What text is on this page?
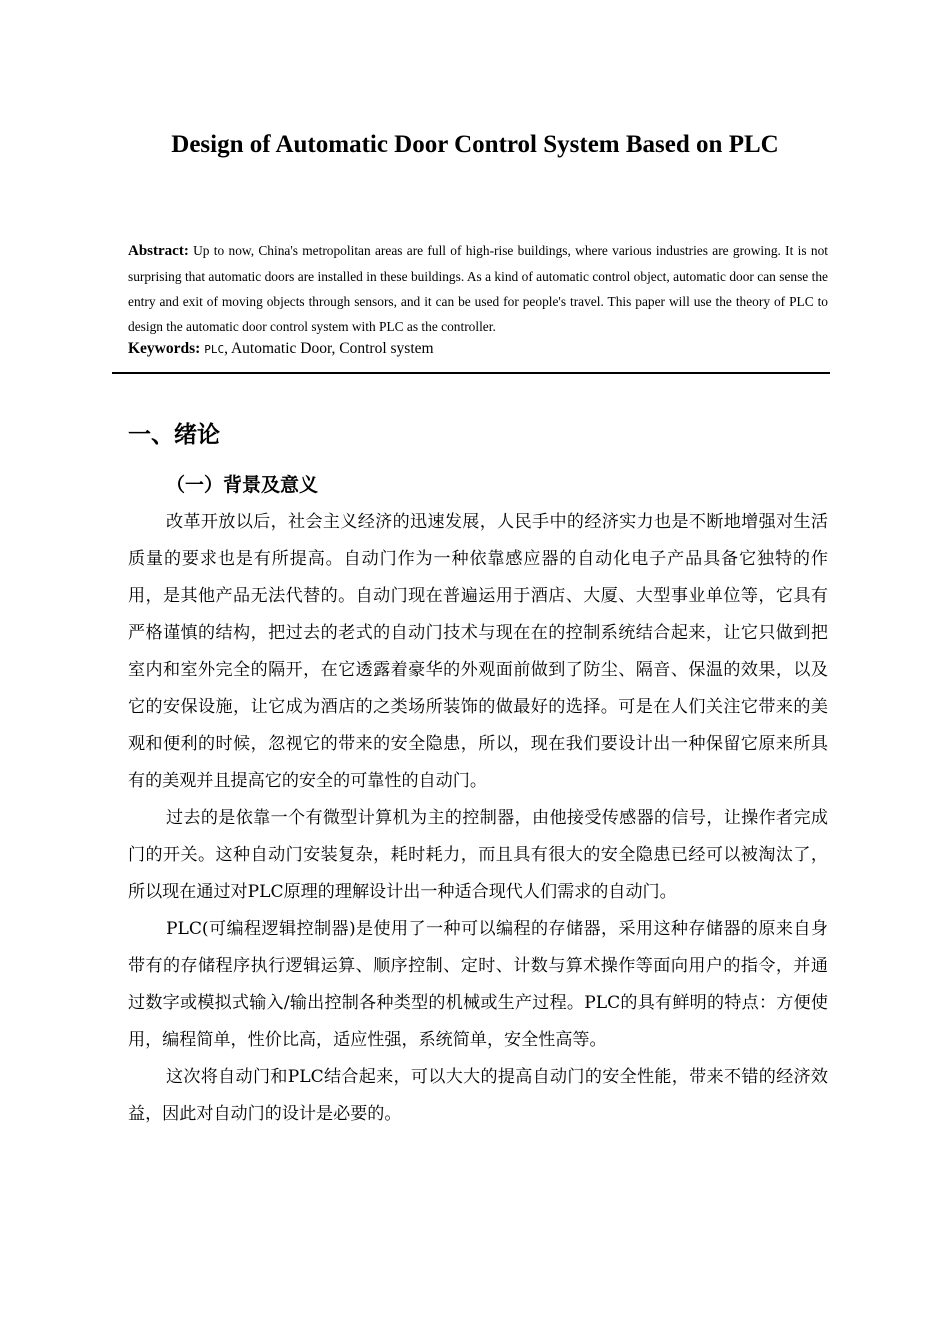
Design of Automatic Door Control System Based on PLC
Abstract: Up to now, China's metropolitan areas are full of high-rise buildings, where various industries are growing. It is not surprising that automatic doors are installed in these buildings. As a kind of automatic control object, automatic door can sense the entry and exit of moving objects through sensors, and it can be used for people's travel. This paper will use the theory of PLC to design the automatic door control system with PLC as the controller.
Keywords: PLC, Automatic Door, Control system
一、绪论
（一）背景及意义

改革开放以后，社会主义经济的迅速发展，人民手中的经济实力也是不断地增强对生活质量的要求也是有所提高。自动门作为一种依靠感应器的自动化电子产品具备它独特的作用，是其他产品无法代替的。自动门现在普遍运用于酒店、大厦、大型事业单位等，它具有严格谨慎的结构，把过去的老式的自动门技术与现在在的控制系统结合起来，让它只做到把室内和室外完全的隔开，在它透露着豪华的外观面前做到了防尘、隔音、保温的效果，以及它的安保设施，让它成为酒店的之类场所装饰的做最好的选择。可是在人们关注它带来的美观和便利的时候，忽视它的带来的安全隐患，所以，现在我们要设计出一种保留它原来所具有的美观并且提高它的安全的可靠性的自动门。

过去的是依靠一个有微型计算机为主的控制器，由他接受传感器的信号，让操作者完成门的开关。这种自动门安装复杂，耗时耗力，而且具有很大的安全隐患已经可以被淘汰了，所以现在通过对PLC原理的理解设计出一种适合现代人们需求的自动门。

PLC(可编程逻辑控制器)是使用了一种可以编程的存储器，采用这种存储器的原来自身带有的存储程序执行逻辑运算、顺序控制、定时、计数与算术操作等面向用户的指令，并通过数字或模拟式输入/输出控制各种类型的机械或生产过程。PLC的具有鲜明的特点：方便使用，编程简单，性价比高，适应性强，系统简单，安全性高等。

这次将自动门和PLC结合起来，可以大大的提高自动门的安全性能，带来不错的经济效益，因此对自动门的设计是必要的。
